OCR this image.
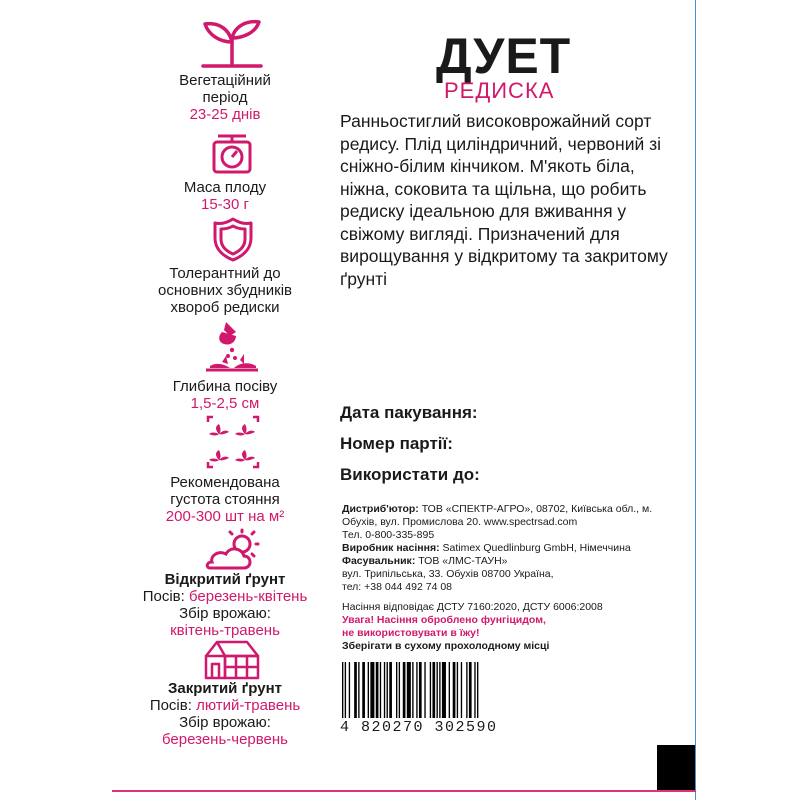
Вегетаційний
період
23-25 днів
Маса плоду
15-30 г
Толерантний до
основних збудників
хвороб редиски
Глибина посіву
1,5-2,5 см
Рекомендована
густота стояння
200-300 шт на м²
Відкритий ґрунт
Посів: березень-квітень
Збір врожаю:
квітень-травень
Закритий ґрунт
Посів: лютий-травень
Збір врожаю:
березень-червень
ДУЕТ
РЕДИСКА
Ранньостиглий високоврожайний сорт редису. Плід циліндричний, червоний зі снiжно-білим кінчиком. М'якоть біла, ніжна, соковита та щільна, що робить редиску ідеальною для вживання у свіжому вигляді. Призначений для вирощування у відкритому та закритому ґрунті
Дата пакування:
Номер партії:
Використати до:
Дистриб'ютор: ТОВ «СПЕКТР-АГРО», 08702, Київська обл., м. Обухів, вул. Промислова 20. www.spectrsad.com
Тел. 0-800-335-895
Виробник насіння: Satimex Quedlinburg GmbH, Німеччина
Фасувальник: ТОВ «ЛМС-ТАУН»
вул. Трипільська, 33. Обухів 08700 Україна,
тел: +38 044 492 74 08
Насіння відповідає ДСТУ 7160:2020, ДСТУ 6006:2008
Увага! Насіння оброблено фунгіцидом,
не використовувати в їжу!
Зберігати в сухому прохолодному місці
4 820270 302590
